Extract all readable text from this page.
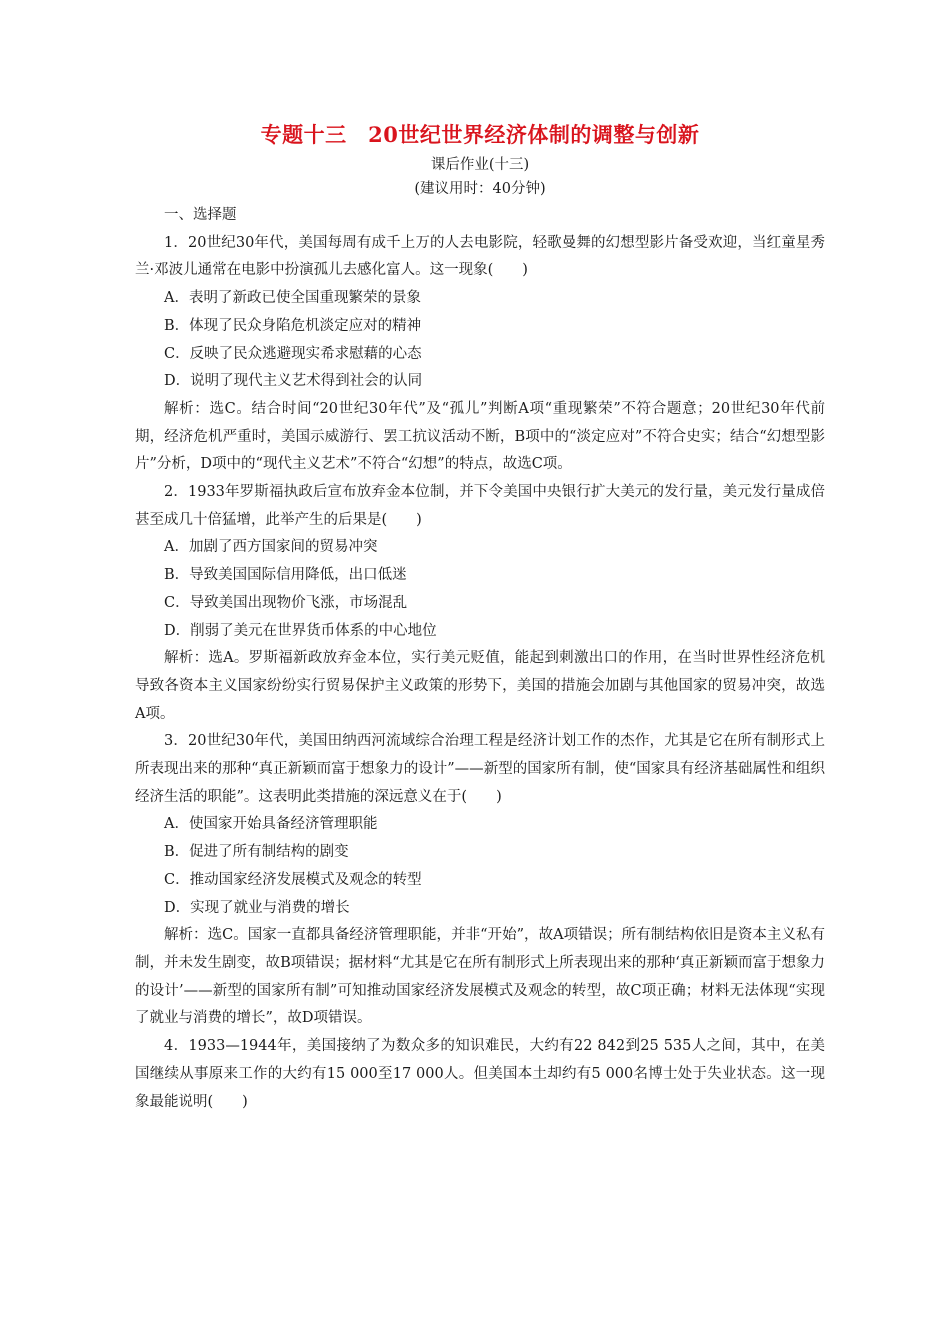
专题十三　20世纪世界经济体制的调整与创新

课后作业(十三)

(建议用时：40分钟)

一、选择题

1．20世纪30年代，美国每周有成千上万的人去电影院，轻歌曼舞的幻想型影片备受欢迎，当红童星秀兰·邓波儿通常在电影中扮演孤儿去感化富人。这一现象(　　)

A．表明了新政已使全国重现繁荣的景象

B．体现了民众身陷危机淡定应对的精神

C．反映了民众逃避现实希求慰藉的心态

D．说明了现代主义艺术得到社会的认同

解析：选C。结合时间“20世纪30年代”及“孤儿”判断A项“重现繁荣”不符合题意；20世纪30年代前期，经济危机严重时，美国示威游行、罢工抗议活动不断，B项中的“淡定应对”不符合史实；结合“幻想型影片”分析，D项中的“现代主义艺术”不符合“幻想”的特点，故选C项。

2．1933年罗斯福执政后宣布放弃金本位制，并下令美国中央银行扩大美元的发行量，美元发行量成倍甚至成几十倍猛增，此举产生的后果是(　　)

A．加剧了西方国家间的贸易冲突

B．导致美国国际信用降低，出口低迷

C．导致美国出现物价飞涨，市场混乱

D．削弱了美元在世界货币体系的中心地位

解析：选A。罗斯福新政放弃金本位，实行美元贬值，能起到刺激出口的作用，在当时世界性经济危机导致各资本主义国家纷纷实行贸易保护主义政策的形势下，美国的措施会加剧与其他国家的贸易冲突，故选A项。

3．20世纪30年代，美国田纳西河流域综合治理工程是经济计划工作的杰作，尤其是它在所有制形式上所表现出来的那种“真正新颖而富于想象力的设计”——新型的国家所有制，使“国家具有经济基础属性和组织经济生活的职能”。这表明此类措施的深远意义在于(　　)

A．使国家开始具备经济管理职能

B．促进了所有制结构的剧变

C．推动国家经济发展模式及观念的转型

D．实现了就业与消费的增长

解析：选C。国家一直都具备经济管理职能，并非“开始”，故A项错误；所有制结构依旧是资本主义私有制，并未发生剧变，故B项错误；据材料“尤其是它在所有制形式上所表现出来的那种‘真正新颖而富于想象力的设计’——新型的国家所有制”可知推动国家经济发展模式及观念的转型，故C项正确；材料无法体现“实现了就业与消费的增长”，故D项错误。

4．1933—1944年，美国接纳了为数众多的知识难民，大约有22 842到25 535人之间，其中，在美国继续从事原来工作的大约有15 000至17 000人。但美国本土却约有5 000名博士处于失业状态。这一现象最能说明(　　)
